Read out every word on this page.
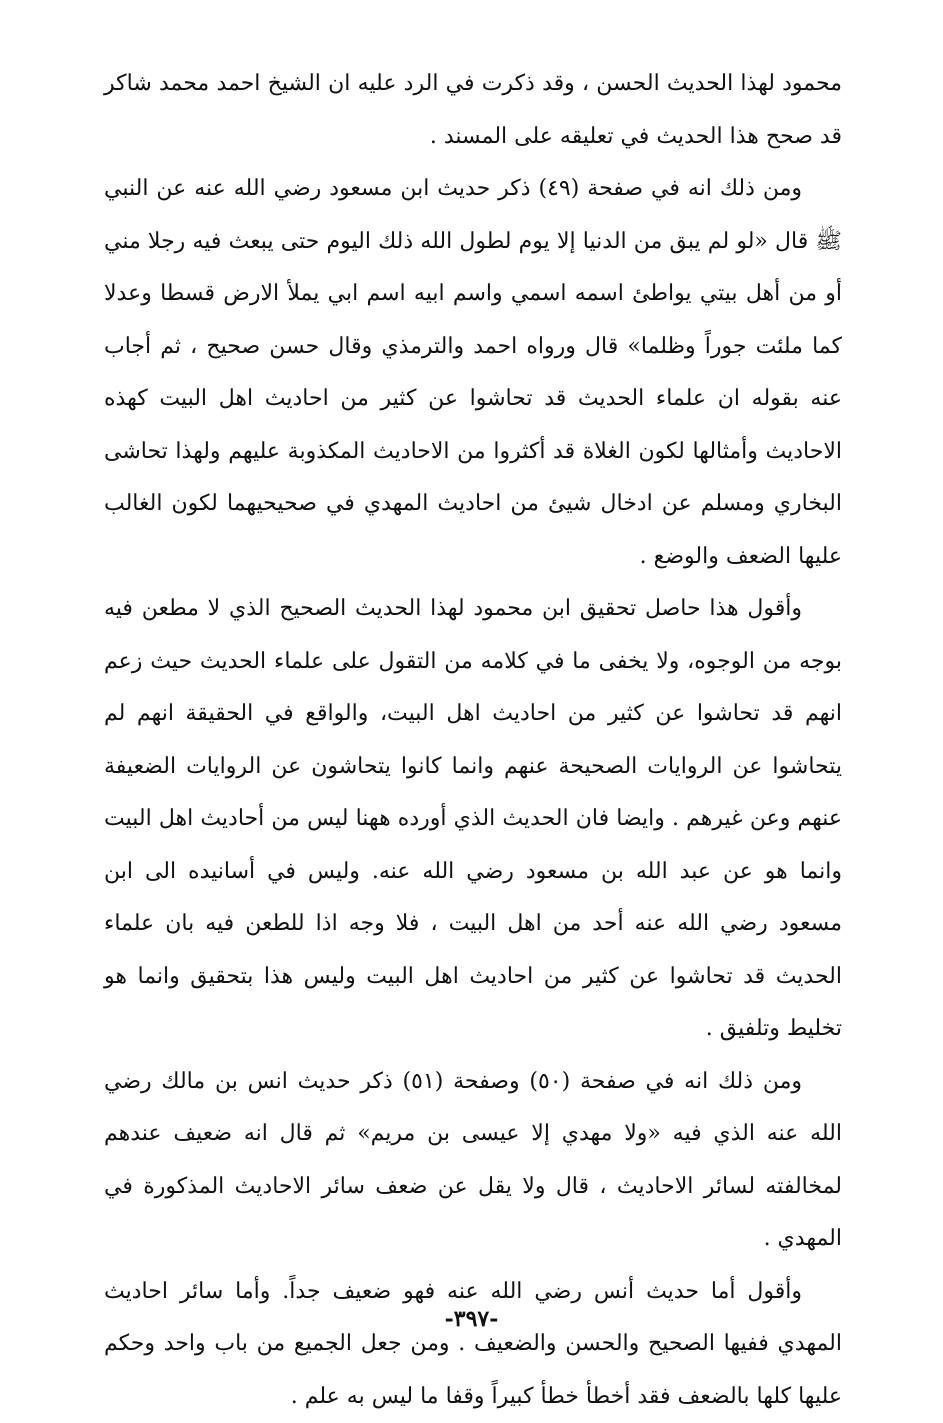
محمود لهذا الحديث الحسن ، وقد ذكرت في الرد عليه ان الشيخ احمد محمد شاكر قد صحح هذا الحديث في تعليقه على المسند .

ومن ذلك انه في صفحة (٤٩) ذكر حديث ابن مسعود رضي الله عنه عن النبي ﷺ قال «لو لم يبق من الدنيا إلا يوم لطول الله ذلك اليوم حتى يبعث فيه رجلا مني أو من أهل بيتي يواطئ اسمه اسمي واسم ابيه اسم ابي يملأ الارض قسطا وعدلا كما ملئت جوراً وظلما» قال ورواه احمد والترمذي وقال حسن صحيح ، ثم أجاب عنه بقوله ان علماء الحديث قد تحاشوا عن كثير من احاديث اهل البيت كهذه الاحاديث وأمثالها لكون الغلاة قد أكثروا من الاحاديث المكذوبة عليهم ولهذا تحاشى البخاري ومسلم عن ادخال شيئ من احاديث المهدي في صحيحيهما لكون الغالب عليها الضعف والوضع .

وأقول هذا حاصل تحقيق ابن محمود لهذا الحديث الصحيح الذي لا مطعن فيه بوجه من الوجوه، ولا يخفى ما في كلامه من التقول على علماء الحديث حيث زعم انهم قد تحاشوا عن كثير من احاديث اهل البيت، والواقع في الحقيقة انهم لم يتحاشوا عن الروايات الصحيحة عنهم وانما كانوا يتحاشون عن الروايات الضعيفة عنهم وعن غيرهم . وايضا فان الحديث الذي أورده ههنا ليس من أحاديث اهل البيت وانما هو عن عبد الله بن مسعود رضي الله عنه. وليس في أسانيده الى ابن مسعود رضي الله عنه أحد من اهل البيت ، فلا وجه اذا للطعن فيه بان علماء الحديث قد تحاشوا عن كثير من احاديث اهل البيت وليس هذا بتحقيق وانما هو تخليط وتلفيق .

ومن ذلك انه في صفحة (٥٠) وصفحة (٥١) ذكر حديث انس بن مالك رضي الله عنه الذي فيه «ولا مهدي إلا عيسى بن مريم» ثم قال انه ضعيف عندهم لمخالفته لسائر الاحاديث ، قال ولا يقل عن ضعف سائر الاحاديث المذكورة في المهدي .

وأقول أما حديث أنس رضي الله عنه فهو ضعيف جداً. وأما سائر احاديث المهدي ففيها الصحيح والحسن والضعيف . ومن جعل الجميع من باب واحد وحكم عليها كلها بالضعف فقد أخطأ خطأ كبيراً وقفا ما ليس به علم .

-٣٩٧-
